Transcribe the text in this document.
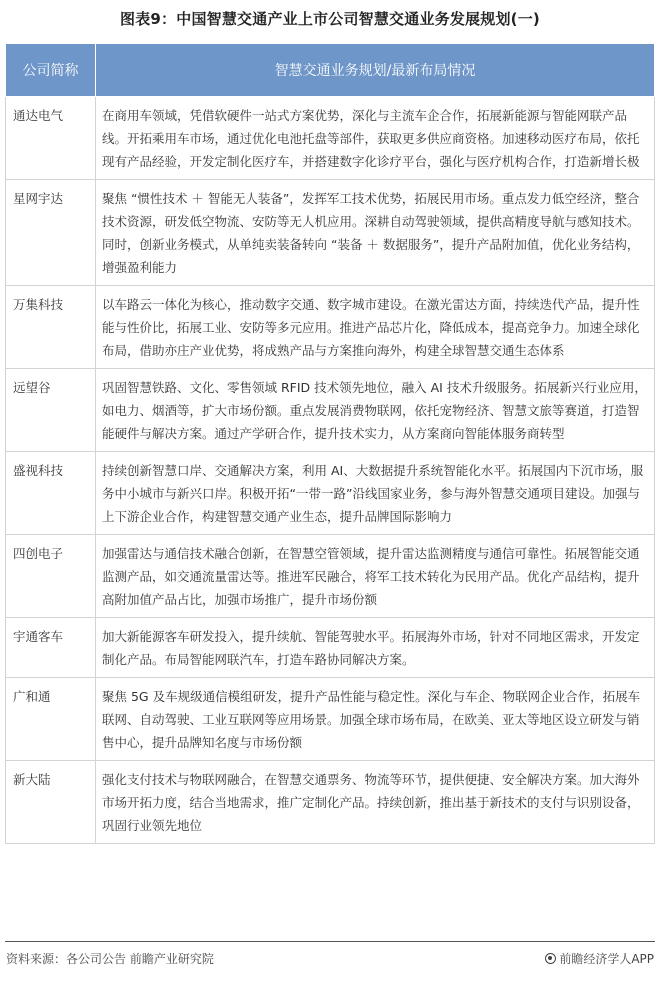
图表9：中国智慧交通产业上市公司智慧交通业务发展规划(一)
公司简称	智慧交通业务规划/最新布局情况
通达电气	在商用车领域，凭借软硬件一站式方案优势，深化与主流车企合作，拓展新能源与智能网联产品线。开拓乘用车市场，通过优化电池托盘等部件，获取更多供应商资格。加速移动医疗布局，依托现有产品经验，开发定制化医疗车，并搭建数字化诊疗平台，强化与医疗机构合作，打造新增长极
星网宇达	聚焦 “惯性技术 ＋ 智能无人装备”，发挥军工技术优势，拓展民用市场。重点发力低空经济，整合技术资源，研发低空物流、安防等无人机应用。深耕自动驾驶领域，提供高精度导航与感知技术。同时，创新业务模式，从单纯卖装备转向 “装备 ＋ 数据服务”，提升产品附加值，优化业务结构，增强盈利能力
万集科技	以车路云一体化为核心，推动数字交通、数字城市建设。在激光雷达方面，持续迭代产品，提升性能与性价比，拓展工业、安防等多元应用。推进产品芯片化，降低成本，提高竞争力。加速全球化布局，借助亦庄产业优势，将成熟产品与方案推向海外，构建全球智慧交通生态体系
远望谷	巩固智慧铁路、文化、零售领域 RFID 技术领先地位，融入 AI 技术升级服务。拓展新兴行业应用，如电力、烟酒等，扩大市场份额。重点发展消费物联网，依托宠物经济、智慧文旅等赛道，打造智能硬件与解决方案。通过产学研合作，提升技术实力，从方案商向智能体服务商转型
盛视科技	持续创新智慧口岸、交通解决方案，利用 AI、大数据提升系统智能化水平。拓展国内下沉市场，服务中小城市与新兴口岸。积极开拓“一带一路”沿线国家业务，参与海外智慧交通项目建设。加强与上下游企业合作，构建智慧交通产业生态，提升品牌国际影响力
四创电子	加强雷达与通信技术融合创新，在智慧空管领域，提升雷达监测精度与通信可靠性。拓展智能交通监测产品，如交通流量雷达等。推进军民融合，将军工技术转化为民用产品。优化产品结构，提升高附加值产品占比，加强市场推广，提升市场份额
宇通客车	加大新能源客车研发投入，提升续航、智能驾驶水平。拓展海外市场，针对不同地区需求，开发定制化产品。布局智能网联汽车，打造车路协同解决方案。
广和通	聚焦 5G 及车规级通信模组研发，提升产品性能与稳定性。深化与车企、物联网企业合作，拓展车联网、自动驾驶、工业互联网等应用场景。加强全球市场布局，在欧美、亚太等地区设立研发与销售中心，提升品牌知名度与市场份额
新大陆	强化支付技术与物联网融合，在智慧交通票务、物流等环节，提供便捷、安全解决方案。加大海外市场开拓力度，结合当地需求，推广定制化产品。持续创新，推出基于新技术的支付与识别设备，巩固行业领先地位
资料来源：各公司公告 前瞻产业研究院	前瞻经济学人APP
